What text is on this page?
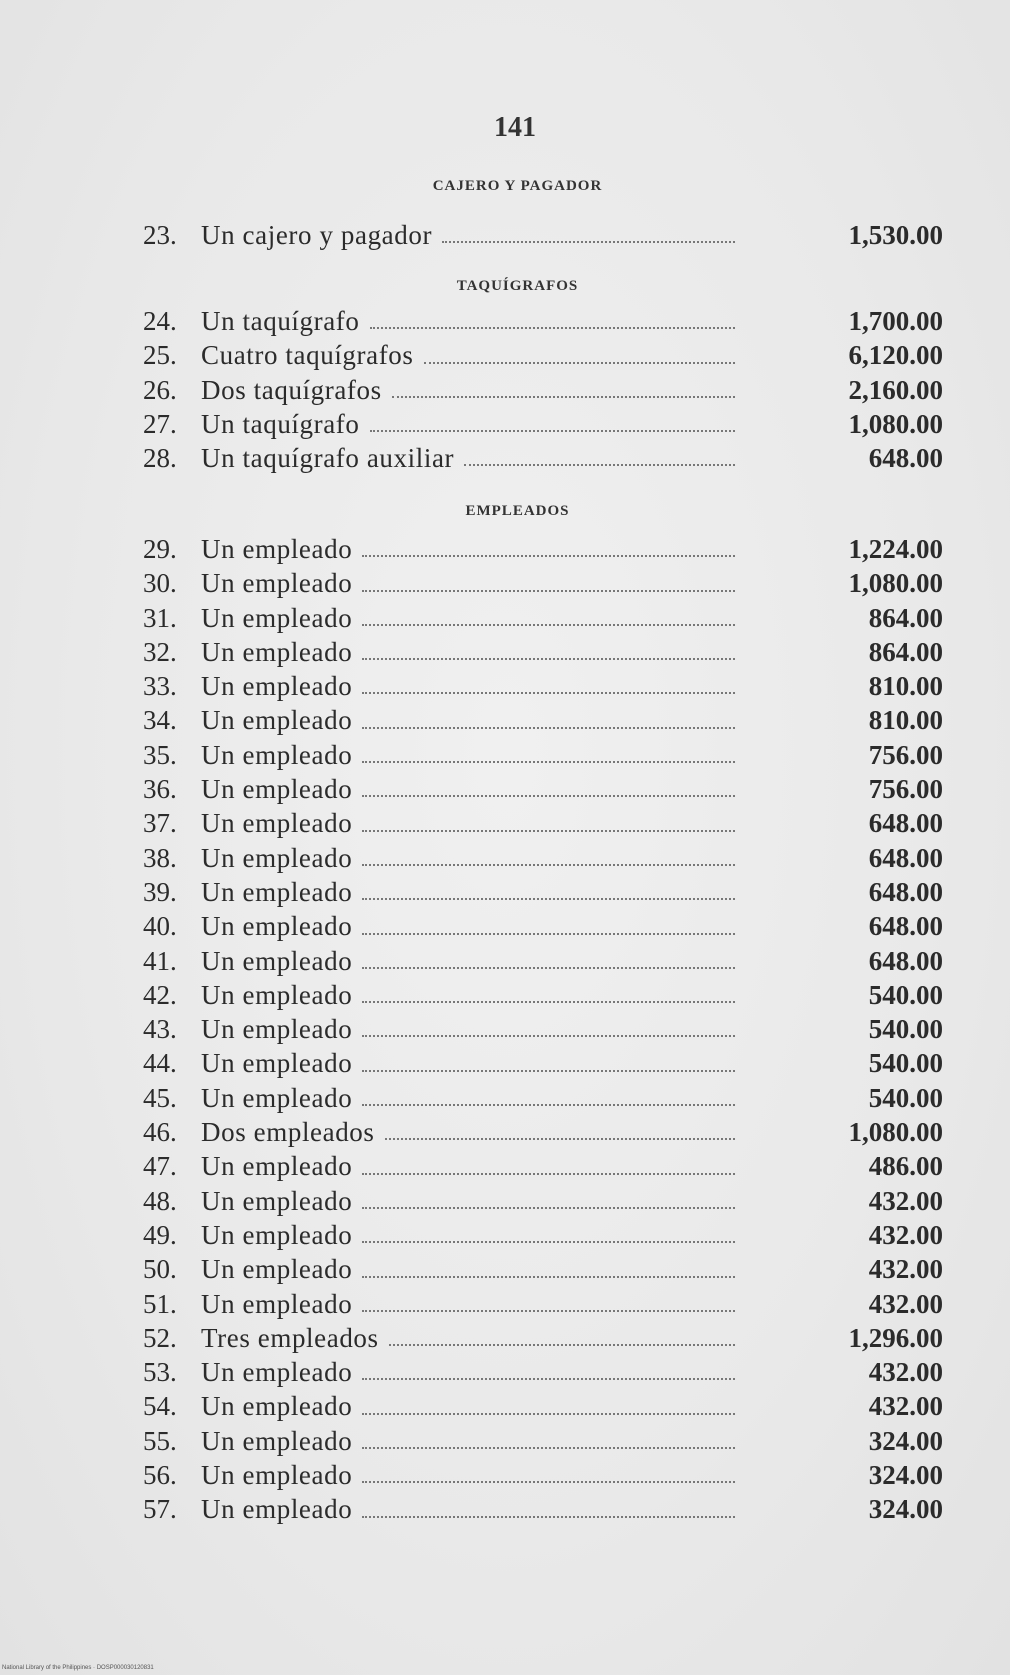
141
CAJERO Y PAGADOR
23. Un cajero y pagador	1,530.00
TAQUÍGRAFOS
24. Un taquígrafo	1,700.00
25. Cuatro taquígrafos	6,120.00
26. Dos taquígrafos	2,160.00
27. Un taquígrafo	1,080.00
28. Un taquígrafo auxiliar	648.00
EMPLEADOS
29. Un empleado	1,224.00
30. Un empleado	1,080.00
31. Un empleado	864.00
32. Un empleado	864.00
33. Un empleado	810.00
34. Un empleado	810.00
35. Un empleado	756.00
36. Un empleado	756.00
37. Un empleado	648.00
38. Un empleado	648.00
39. Un empleado	648.00
40. Un empleado	648.00
41. Un empleado	648.00
42. Un empleado	540.00
43. Un empleado	540.00
44. Un empleado	540.00
45. Un empleado	540.00
46. Dos empleados	1,080.00
47. Un empleado	486.00
48. Un empleado	432.00
49. Un empleado	432.00
50. Un empleado	432.00
51. Un empleado	432.00
52. Tres empleados	1,296.00
53. Un empleado	432.00
54. Un empleado	432.00
55. Un empleado	324.00
56. Un empleado	324.00
57. Un empleado	324.00
National Library of the Philippines · DOSP000030120831
